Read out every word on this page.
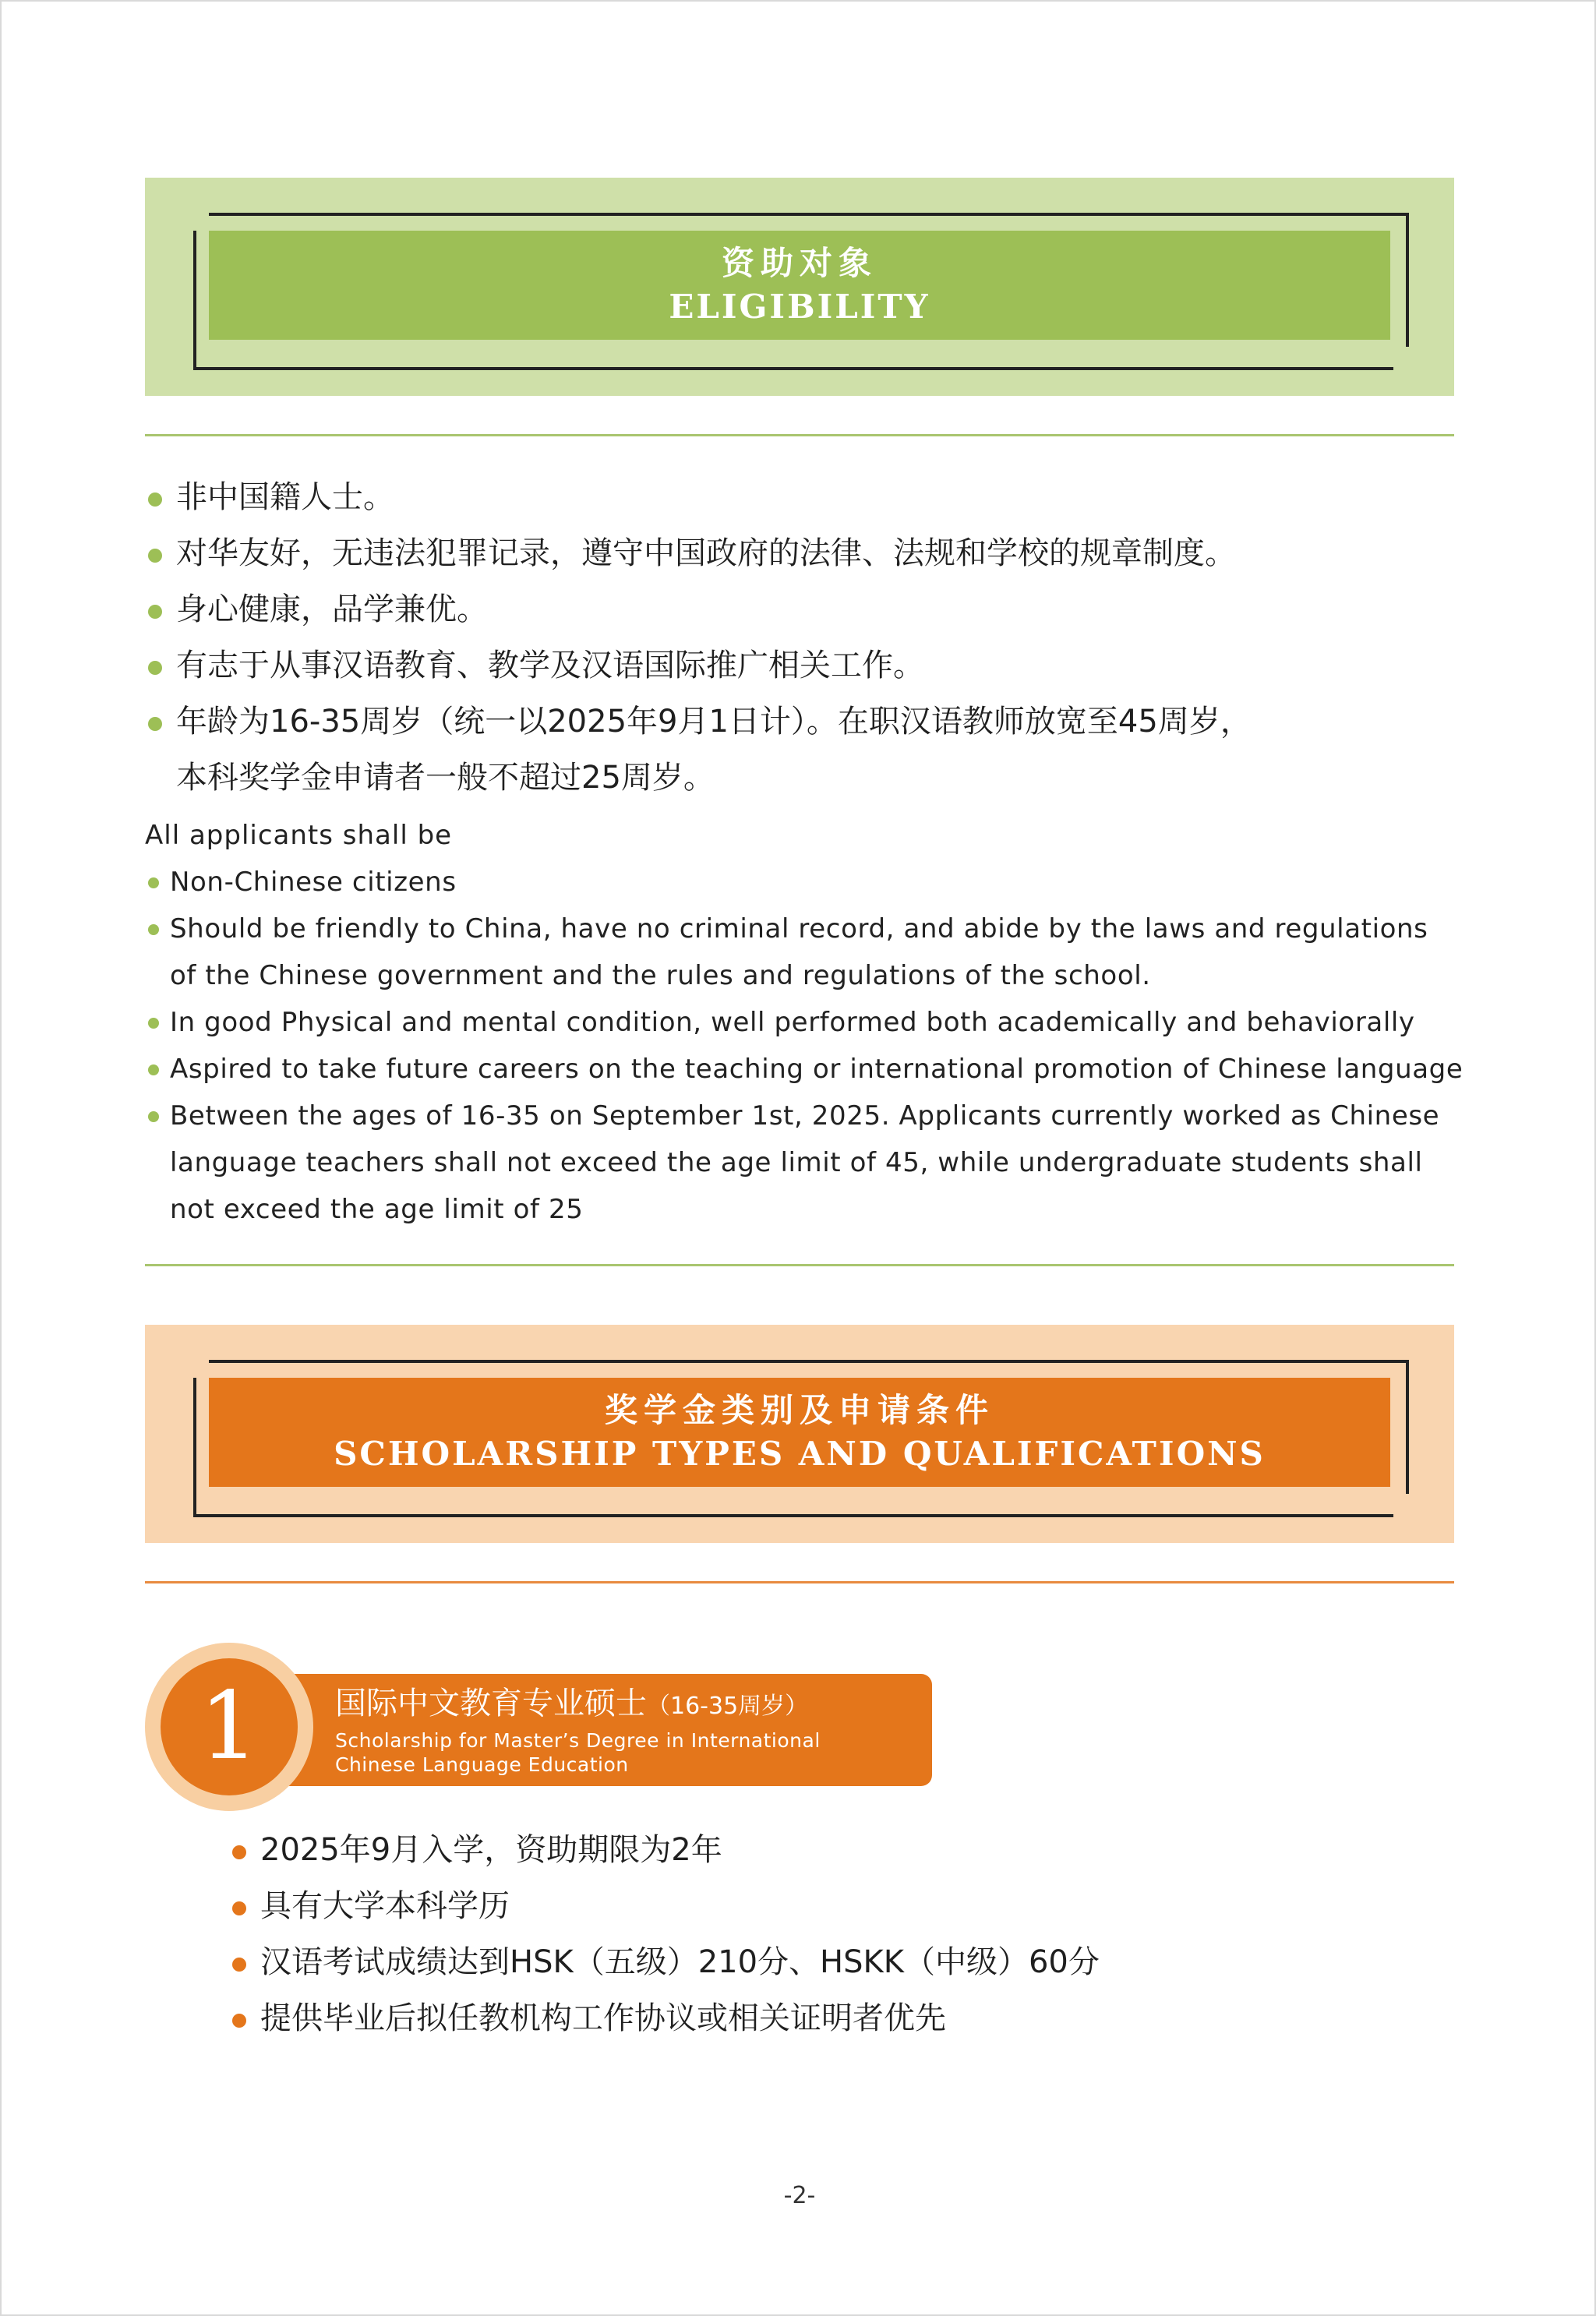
资助对象
ELIGIBILITY
非中国籍人士。
对华友好，无违法犯罪记录，遵守中国政府的法律、法规和学校的规章制度。
身心健康，品学兼优。
有志于从事汉语教育、教学及汉语国际推广相关工作。
年龄为16-35周岁（统一以2025年9月1日计）。在职汉语教师放宽至45周岁，
本科奖学金申请者一般不超过25周岁。
All applicants shall be
Non-Chinese citizens
Should be friendly to China, have no criminal record, and abide by the laws and regulations
of the Chinese government and the rules and regulations of the school.
In good Physical and mental condition, well performed both academically and behaviorally
Aspired to take future careers on the teaching or international promotion of Chinese language
Between the ages of 16-35 on September 1st, 2025. Applicants currently worked as Chinese
language teachers shall not exceed the age limit of 45, while undergraduate students shall
not exceed the age limit of 25
奖学金类别及申请条件
SCHOLARSHIP TYPES AND QUALIFICATIONS
1	国际中文教育专业硕士（16-35周岁）
Scholarship for Master’s Degree in International
Chinese Language Education
2025年9月入学，资助期限为2年
具有大学本科学历
汉语考试成绩达到HSK（五级）210分、HSKK（中级）60分
提供毕业后拟任教机构工作协议或相关证明者优先
-2-
